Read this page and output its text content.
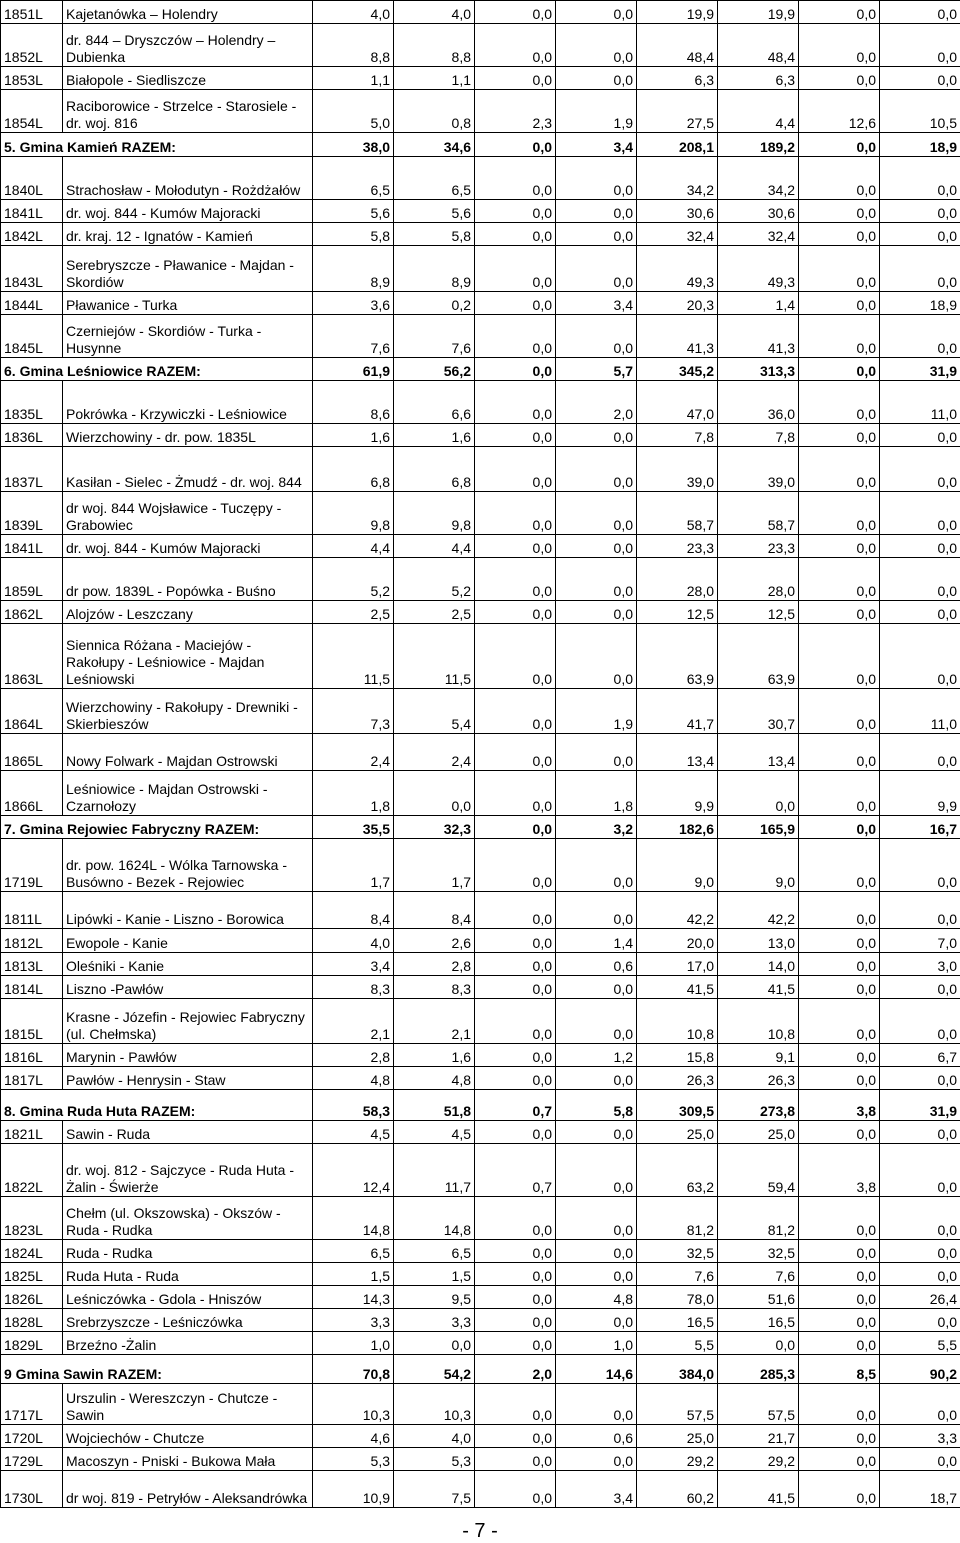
1851L	Kajetanówka – Holendry	4,0	4,0	0,0	0,0	19,9	19,9	0,0	0,0
1852L	dr. 844 – Dryszczów – Holendry – Dubienka	8,8	8,8	0,0	0,0	48,4	48,4	0,0	0,0
1853L	Białopole - Siedliszcze	1,1	1,1	0,0	0,0	6,3	6,3	0,0	0,0
1854L	Raciborowice - Strzelce - Starosiele - dr. woj. 816	5,0	0,8	2,3	1,9	27,5	4,4	12,6	10,5
5. Gmina Kamień RAZEM:		38,0	34,6	0,0	3,4	208,1	189,2	0,0	18,9
1840L	Strachosław - Mołodutyn - Rożdżałów	6,5	6,5	0,0	0,0	34,2	34,2	0,0	0,0
1841L	dr. woj. 844 - Kumów Majoracki	5,6	5,6	0,0	0,0	30,6	30,6	0,0	0,0
1842L	dr. kraj. 12 - Ignatów - Kamień	5,8	5,8	0,0	0,0	32,4	32,4	0,0	0,0
1843L	Serebryszcze - Pławanice - Majdan - Skordiów	8,9	8,9	0,0	0,0	49,3	49,3	0,0	0,0
1844L	Pławanice - Turka	3,6	0,2	0,0	3,4	20,3	1,4	0,0	18,9
1845L	Czerniejów - Skordiów - Turka - Husynne	7,6	7,6	0,0	0,0	41,3	41,3	0,0	0,0
6. Gmina Leśniowice RAZEM:		61,9	56,2	0,0	5,7	345,2	313,3	0,0	31,9
1835L	Pokrówka - Krzywiczki - Leśniowice	8,6	6,6	0,0	2,0	47,0	36,0	0,0	11,0
1836L	Wierzchowiny - dr. pow. 1835L	1,6	1,6	0,0	0,0	7,8	7,8	0,0	0,0
1837L	Kasiłan - Sielec - Żmudź - dr. woj. 844	6,8	6,8	0,0	0,0	39,0	39,0	0,0	0,0
1839L	dr woj. 844 Wojsławice - Tuczępy - Grabowiec	9,8	9,8	0,0	0,0	58,7	58,7	0,0	0,0
1841L	dr. woj. 844 - Kumów Majoracki	4,4	4,4	0,0	0,0	23,3	23,3	0,0	0,0
1859L	dr pow. 1839L - Popówka - Buśno	5,2	5,2	0,0	0,0	28,0	28,0	0,0	0,0
1862L	Alojzów - Leszczany	2,5	2,5	0,0	0,0	12,5	12,5	0,0	0,0
1863L	Siennica Różana - Maciejów - Rakołupy - Leśniowice - Majdan Leśniowski	11,5	11,5	0,0	0,0	63,9	63,9	0,0	0,0
1864L	Wierzchowiny - Rakołupy - Drewniki - Skierbieszów	7,3	5,4	0,0	1,9	41,7	30,7	0,0	11,0
1865L	Nowy Folwark - Majdan Ostrowski	2,4	2,4	0,0	0,0	13,4	13,4	0,0	0,0
1866L	Leśniowice - Majdan Ostrowski - Czarnołozy	1,8	0,0	0,0	1,8	9,9	0,0	0,0	9,9
7. Gmina Rejowiec Fabryczny RAZEM:		35,5	32,3	0,0	3,2	182,6	165,9	0,0	16,7
1719L	dr. pow. 1624L - Wólka Tarnowska - Busówno - Bezek - Rejowiec	1,7	1,7	0,0	0,0	9,0	9,0	0,0	0,0
1811L	Lipówki - Kanie - Liszno - Borowica	8,4	8,4	0,0	0,0	42,2	42,2	0,0	0,0
1812L	Ewopole - Kanie	4,0	2,6	0,0	1,4	20,0	13,0	0,0	7,0
1813L	Oleśniki - Kanie	3,4	2,8	0,0	0,6	17,0	14,0	0,0	3,0
1814L	Liszno -Pawłów	8,3	8,3	0,0	0,0	41,5	41,5	0,0	0,0
1815L	Krasne - Józefin - Rejowiec Fabryczny (ul. Chełmska)	2,1	2,1	0,0	0,0	10,8	10,8	0,0	0,0
1816L	Marynin - Pawłów	2,8	1,6	0,0	1,2	15,8	9,1	0,0	6,7
1817L	Pawłów - Henrysin - Staw	4,8	4,8	0,0	0,0	26,3	26,3	0,0	0,0
8. Gmina Ruda Huta RAZEM:		58,3	51,8	0,7	5,8	309,5	273,8	3,8	31,9
1821L	Sawin - Ruda	4,5	4,5	0,0	0,0	25,0	25,0	0,0	0,0
1822L	dr. woj. 812 - Sajczyce - Ruda Huta - Żalin - Świerże	12,4	11,7	0,7	0,0	63,2	59,4	3,8	0,0
1823L	Chełm (ul. Okszowska) - Okszów - Ruda - Rudka	14,8	14,8	0,0	0,0	81,2	81,2	0,0	0,0
1824L	Ruda - Rudka	6,5	6,5	0,0	0,0	32,5	32,5	0,0	0,0
1825L	Ruda Huta - Ruda	1,5	1,5	0,0	0,0	7,6	7,6	0,0	0,0
1826L	Leśniczówka - Gdola - Hniszów	14,3	9,5	0,0	4,8	78,0	51,6	0,0	26,4
1828L	Srebrzyszcze - Leśniczówka	3,3	3,3	0,0	0,0	16,5	16,5	0,0	0,0
1829L	Brzeźno -Żalin	1,0	0,0	0,0	1,0	5,5	0,0	0,0	5,5
9 Gmina Sawin RAZEM:		70,8	54,2	2,0	14,6	384,0	285,3	8,5	90,2
1717L	Urszulin - Wereszczyn - Chutcze - Sawin	10,3	10,3	0,0	0,0	57,5	57,5	0,0	0,0
1720L	Wojciechów - Chutcze	4,6	4,0	0,0	0,6	25,0	21,7	0,0	3,3
1729L	Macoszyn - Pniski - Bukowa Mała	5,3	5,3	0,0	0,0	29,2	29,2	0,0	0,0
1730L	dr woj. 819 - Petryłów - Aleksandrówka	10,9	7,5	0,0	3,4	60,2	41,5	0,0	18,7
- 7 -
